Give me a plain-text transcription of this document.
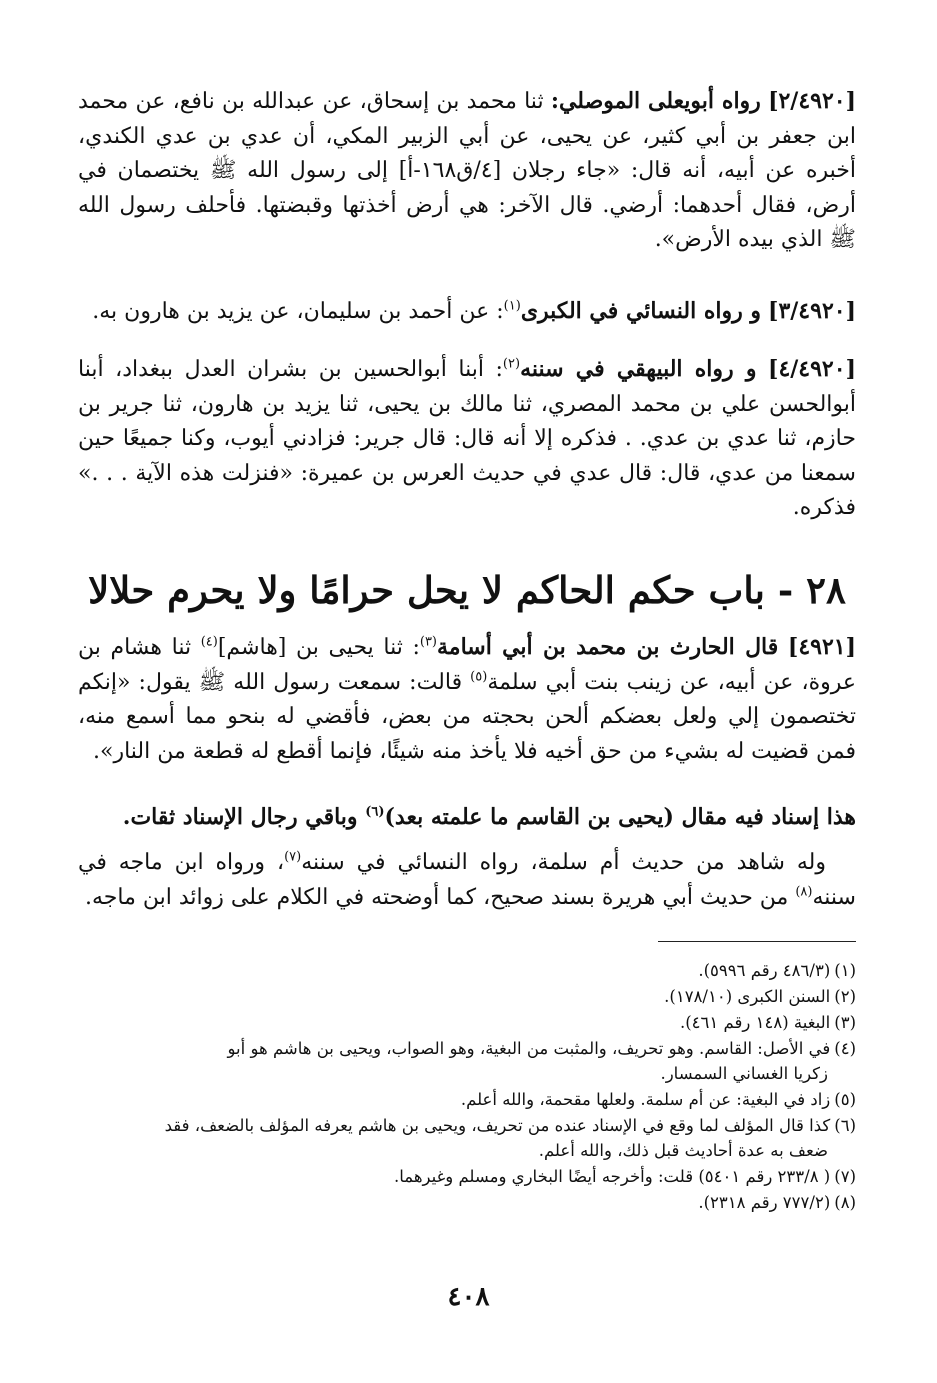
[٢/٤٩٢٠] رواه أبويعلى الموصلي: ثنا محمد بن إسحاق، عن عبدالله بن نافع، عن محمد ابن جعفر بن أبي كثير، عن يحيى، عن أبي الزبير المكي، أن عدي بن عدي الكندي، أخبره عن أبيه، أنه قال: «جاء رجلان [٤/ق١٦٨-أ] إلى رسول الله ﷺ يختصمان في أرض، فقال أحدهما: أرضي. قال الآخر: هي أرض أخذتها وقبضتها. فأحلف رسول الله ﷺ الذي بيده الأرض».

[٣/٤٩٢٠] و رواه النسائي في الكبرى$^{(١)}$: عن أحمد بن سليمان، عن يزيد بن هارون به.

[٤/٤٩٢٠] و رواه البيهقي في سننه$^{(٢)}$: أبنا أبوالحسين بن بشران العدل ببغداد، أبنا أبوالحسن علي بن محمد المصري، ثنا مالك بن يحيى، ثنا يزيد بن هارون، ثنا جرير بن حازم، ثنا عدي بن عدي. . فذكره إلا أنه قال: قال جرير: فزادني أيوب، وكنا جميعًا حين سمعنا من عدي، قال: قال عدي في حديث العرس بن عميرة: «فنزلت هذه الآية . . .» فذكره.

٢٨ - باب حكم الحاكم لا يحل حرامًا ولا يحرم حلالا

[٤٩٢١] قال الحارث بن محمد بن أبي أسامة$^{(٣)}$: ثنا يحيى بن [هاشم]$^{(٤)}$ ثنا هشام بن عروة، عن أبيه، عن زينب بنت أبي سلمة$^{(٥)}$ قالت: سمعت رسول الله ﷺ يقول: «إنكم تختصمون إلي ولعل بعضكم ألحن بحجته من بعض، فأقضي له بنحو مما أسمع منه، فمن قضيت له بشيء من حق أخيه فلا يأخذ منه شيئًا، فإنما أقطع له قطعة من النار».

هذا إسناد فيه مقال (يحيى بن القاسم ما علمته بعد)$^{(٦)}$ وباقي رجال الإسناد ثقات.

وله شاهد من حديث أم سلمة، رواه النسائي في سننه$^{(٧)}$، ورواه ابن ماجه في سننه$^{(٨)}$ من حديث أبي هريرة بسند صحيح، كما أوضحته في الكلام على زوائد ابن ماجه.

(١)(٤٨٦/٣ رقم ٥٩٩٦).
(٢)السنن الكبرى (١٧٨/١٠).
(٣)البغية (١٤٨ رقم ٤٦١).
(٤)في الأصل: القاسم. وهو تحريف، والمثبت من البغية، وهو الصواب، ويحيى بن هاشم هو أبو
زكريا الغساني السمسار.
(٥)زاد في البغية: عن أم سلمة. ولعلها مقحمة، والله أعلم.
(٦)كذا قال المؤلف لما وقع في الإسناد عنده من تحريف، ويحيى بن هاشم يعرفه المؤلف بالضعف، فقد
ضعف به عدة أحاديث قبل ذلك، والله أعلم.
(٧)( ٢٣٣/٨ رقم ٥٤٠١) قلت: وأخرجه أيضًا البخاري ومسلم وغيرهما.
(٨)(٧٧٧/٢ رقم ٢٣١٨).
٤٠٨
